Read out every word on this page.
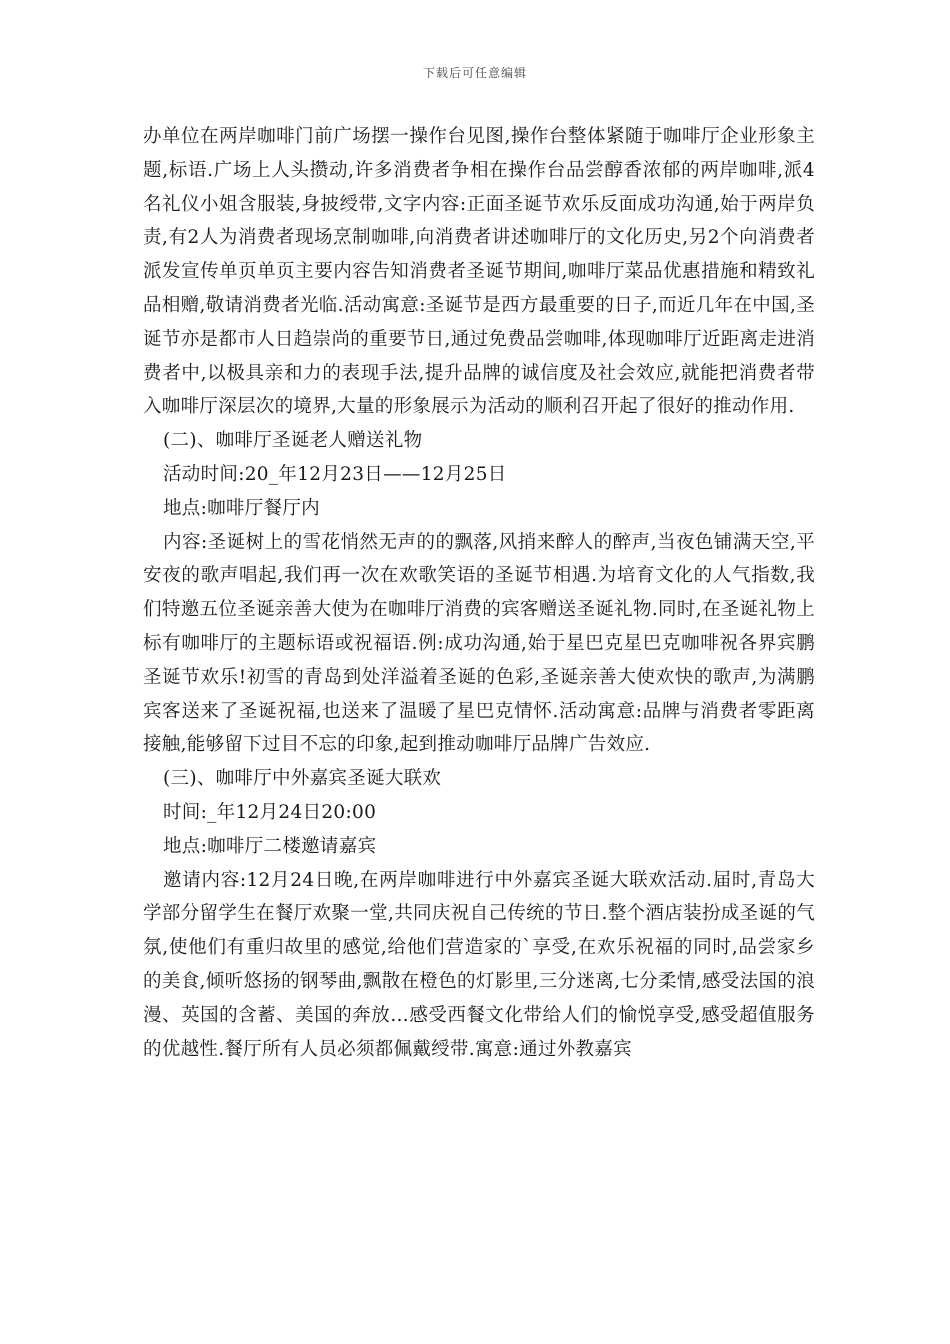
下载后可任意编辑

办单位在两岸咖啡门前广场摆一操作台见图,操作台整体紧随于咖啡厅企业形象主题,标语.广场上人头攒动,许多消费者争相在操作台品尝醇香浓郁的两岸咖啡,派4名礼仪小姐含服装,身披绶带,文字内容:正面圣诞节欢乐反面成功沟通,始于两岸负责,有2人为消费者现场烹制咖啡,向消费者讲述咖啡厅的文化历史,另2个向消费者派发宣传单页单页主要内容告知消费者圣诞节期间,咖啡厅菜品优惠措施和精致礼品相赠,敬请消费者光临.活动寓意:圣诞节是西方最重要的日子,而近几年在中国,圣诞节亦是都市人日趋崇尚的重要节日,通过免费品尝咖啡,体现咖啡厅近距离走进消费者中,以极具亲和力的表现手法,提升品牌的诚信度及社会效应,就能把消费者带入咖啡厅深层次的境界,大量的形象展示为活动的顺利召开起了很好的推动作用.

(二)、咖啡厅圣诞老人赠送礼物

活动时间:20_年12月23日——12月25日

地点:咖啡厅餐厅内

内容:圣诞树上的雪花悄然无声的的飘落,风捎来醉人的醉声,当夜色铺满天空,平安夜的歌声唱起,我们再一次在欢歌笑语的圣诞节相遇.为培育文化的人气指数,我们特邀五位圣诞亲善大使为在咖啡厅消费的宾客赠送圣诞礼物.同时,在圣诞礼物上标有咖啡厅的主题标语或祝福语.例:成功沟通,始于星巴克星巴克咖啡祝各界宾鹏圣诞节欢乐!初雪的青岛到处洋溢着圣诞的色彩,圣诞亲善大使欢快的歌声,为满鹏宾客送来了圣诞祝福,也送来了温暖了星巴克情怀.活动寓意:品牌与消费者零距离接触,能够留下过目不忘的印象,起到推动咖啡厅品牌广告效应.

(三)、咖啡厅中外嘉宾圣诞大联欢

时间:_年12月24日20:00

地点:咖啡厅二楼邀请嘉宾

邀请内容:12月24日晚,在两岸咖啡进行中外嘉宾圣诞大联欢活动.届时,青岛大学部分留学生在餐厅欢聚一堂,共同庆祝自己传统的节日.整个酒店装扮成圣诞的气氛,使他们有重归故里的感觉,给他们营造家的`享受,在欢乐祝福的同时,品尝家乡的美食,倾听悠扬的钢琴曲,飘散在橙色的灯影里,三分迷离,七分柔情,感受法国的浪漫、英国的含蓄、美国的奔放…感受西餐文化带给人们的愉悦享受,感受超值服务的优越性.餐厅所有人员必须都佩戴绶带.寓意:通过外教嘉宾
